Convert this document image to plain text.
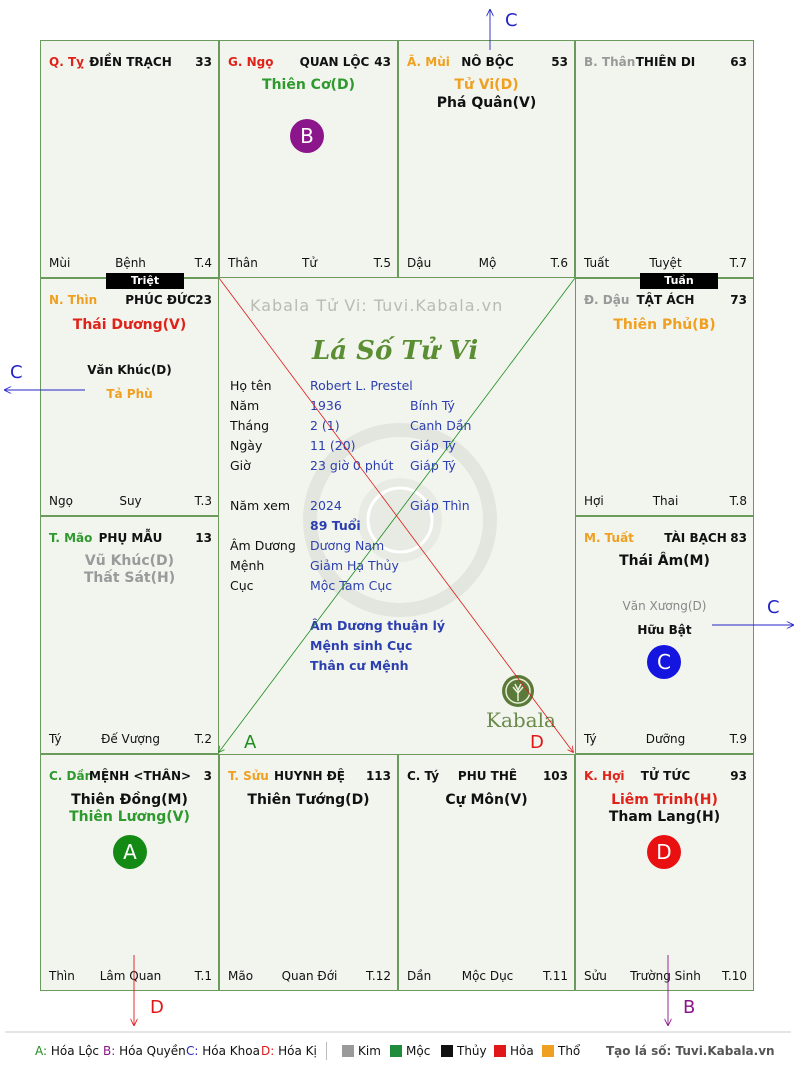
Q. Tỵ ĐIỀN TRẠCH	33
Mùi	Bệnh	T.4
G. Ngọ	QUAN LỘC 43
Thiên Cơ(D)
B
Thân	Tử	T.5
Ã. Mùi NÔ BỘC	53
Tử Vi(D)
Phá Quân(V)
Dậu	Mộ	T.6
B. Thân THIÊN DI	63
Tuất	Tuyệt	T.7
N. Thìn	PHÚC ĐỨC 23
Thái Dương(V)
Văn Khúc(D)
Tả Phù
Ngọ	Suy	T.3
Đ. Dậu TẬT ÁCH	73
Thiên Phủ(B)
Hợi	Thai	T.8
T. Mão PHỤ MẪU	13
Vũ Khúc(D)
Thất Sát(H)
Tý	Đế Vượng	T.2
M. Tuất	TÀI BẠCH 83
Thái Âm(M)
Văn Xương(D)
Hữu Bật
C
Tý	Dưỡng	T.9
C. Dần
MỆNH <THÂN>	3
Thiên Đồng(M)
Thiên Lương(V)
A
Thìn	Lâm Quan	T.1
T. Sửu HUYNH ĐỆ	113
Thiên Tướng(D)
Mão	Quan Đới	T.12
C. Tý	PHU THÊ	103
Cự Môn(V)
Dần	Mộc Dục	T.11
K. Hợi	TỬ TỨC	93
Liêm Trinh(H)
Tham Lang(H)
D
Sửu	Trường Sinh	T.10
Kabala Tử Vi: Tuvi.Kabala.vn
Lá Số Tử Vi
Họ tên	Robert L. Prestel
Năm	1936	Bính Tý
Tháng	2 (1)	Canh Dần
Ngày	11 (20)	Giáp Tý
Giờ	23 giờ 0 phút Giáp Tý
Năm xem 2024	Giáp Thìn
89 Tuổi
Âm Dương Dương Nam
Mệnh	Giảm Hạ Thủy
Cục	Mộc Tam Cục
Âm Dương thuận lý
Mệnh sinh Cục
Thân cư Mệnh
Kabala
Triệt	Tuần
C
C
C
A	D
D	B
A: Hóa Lộc B: Hóa Quyền C: Hóa Khoa D: Hóa Kị	Kim Mộc Thủy Hỏa Thổ Tạo lá số: Tuvi.Kabala.vn
